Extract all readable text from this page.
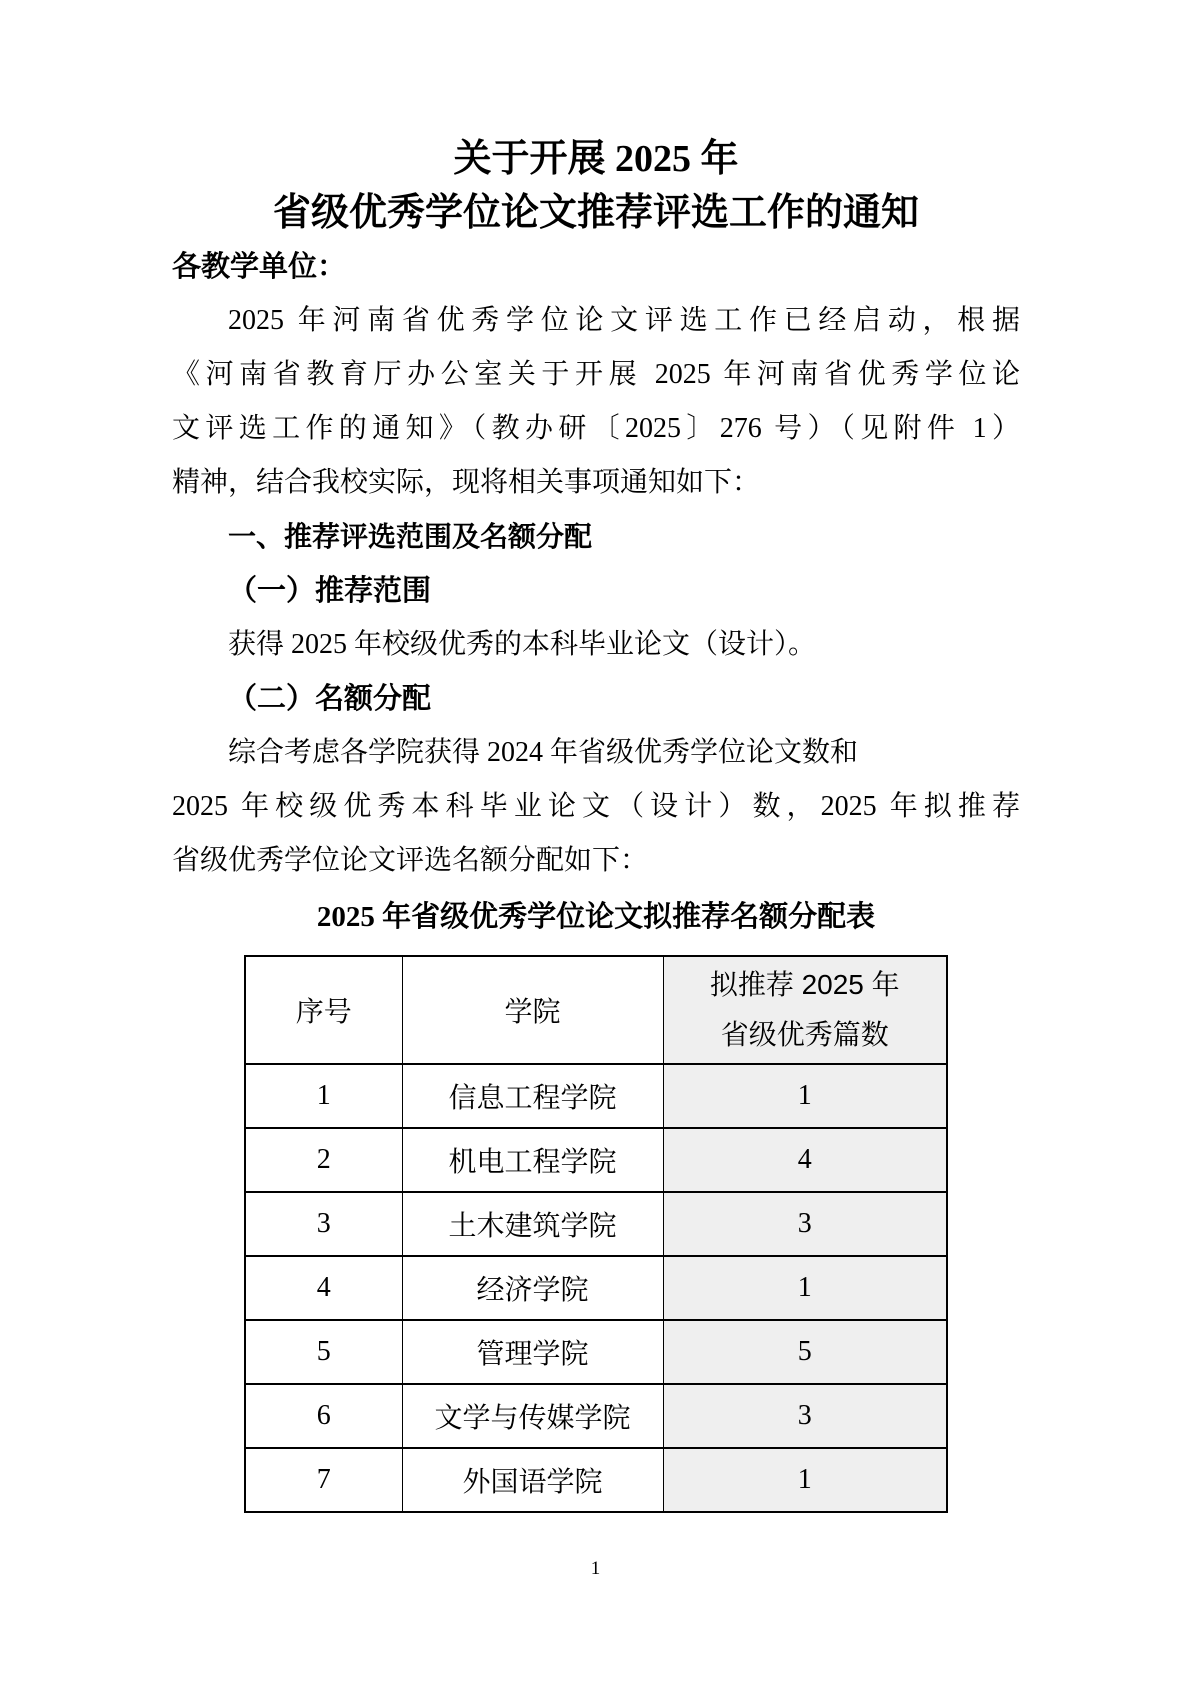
关于开展 2025 年
省级优秀学位论文推荐评选工作的通知
各教学单位：
2025 年河南省优秀学位论文评选工作已经启动，根据
《河南省教育厅办公室关于开展 2025 年河南省优秀学位论
文评选工作的通知》（教办研〔2025〕276 号）（见附件 1）
精神，结合我校实际，现将相关事项通知如下：
一、推荐评选范围及名额分配
（一）推荐范围
获得 2025 年校级优秀的本科毕业论文（设计）。
（二）名额分配
综合考虑各学院获得 2024 年省级优秀学位论文数和
2025 年校级优秀本科毕业论文（设计）数，2025 年拟推荐
省级优秀学位论文评选名额分配如下：
2025 年省级优秀学位论文拟推荐名额分配表
序号	学院	拟推荐 2025 年
省级优秀篇数

1	信息工程学院	1
2	机电工程学院	4
3	土木建筑学院	3
4	经济学院	1
5	管理学院	5
6	文学与传媒学院	3
7	外国语学院	1
1
